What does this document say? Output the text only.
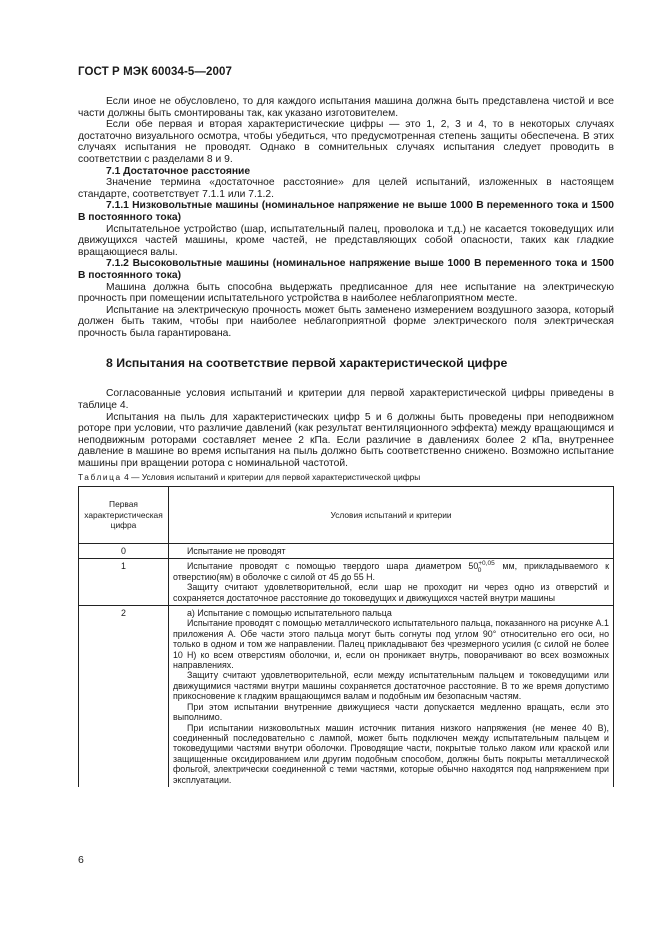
ГОСТ Р МЭК 60034-5—2007

Если иное не обусловлено, то для каждого испытания машина должна быть представлена чистой и все части должны быть смонтированы так, как указано изготовителем.

Если обе первая и вторая характеристические цифры — это 1, 2, 3 и 4, то в некоторых случаях достаточно визуального осмотра, чтобы убедиться, что предусмотренная степень защиты обеспечена. В этих случаях испытания не проводят. Однако в сомнительных случаях испытания следует проводить в соответствии с разделами 8 и 9.

7.1 Достаточное расстояние

Значение термина «достаточное расстояние» для целей испытаний, изложенных в настоящем стандарте, соответствует 7.1.1 или 7.1.2.

7.1.1 Низковольтные машины (номинальное напряжение не выше 1000 В переменного тока и 1500 В постоянного тока)

Испытательное устройство (шар, испытательный палец, проволока и т.д.) не касается токоведущих или движущихся частей машины, кроме частей, не представляющих собой опасности, таких как гладкие вращающиеся валы.

7.1.2 Высоковольтные машины (номинальное напряжение выше 1000 В переменного тока и 1500 В постоянного тока)

Машина должна быть способна выдержать предписанное для нее испытание на электрическую прочность при помещении испытательного устройства в наиболее неблагоприятном месте.

Испытание на электрическую прочность может быть заменено измерением воздушного зазора, который должен быть таким, чтобы при наиболее неблагоприятной форме электрического поля электрическая прочность была гарантирована.

8 Испытания на соответствие первой характеристической цифре

Согласованные условия испытаний и критерии для первой характеристической цифры приведены в таблице 4.

Испытания на пыль для характеристических цифр 5 и 6 должны быть проведены при неподвижном роторе при условии, что различие давлений (как результат вентиляционного эффекта) между вращающимся и неподвижным роторами составляет менее 2 кПа. Если различие в давлениях более 2 кПа, внутреннее давление в машине во время испытания на пыль должно быть соответственно снижено. Возможно испытание машины при вращении ротора с номинальной частотой.

Таблица 4 — Условия испытаний и критерии для первой характеристической цифры
Первая характеристическая цифра	Условия испытаний и критерии
0	Испытание не проводят

1	Испытание проводят с помощью твердого шара диаметром $50^{+0,05}_0$ мм, прикладываемого к отверстию(ям) в оболочке с силой от 45 до 55 Н.

Защиту считают удовлетворительной, если шар не проходит ни через одно из отверстий и сохраняется достаточное расстояние до токоведущих и движущихся частей внутри машины

2	а) Испытание с помощью испытательного пальца

Испытание проводят с помощью металлического испытательного пальца, показанного на рисунке А.1 приложения А. Обе части этого пальца могут быть согнуты под углом 90° относительно его оси, но только в одном и том же направлении. Палец прикладывают без чрезмерного усилия (с силой не более 10 Н) ко всем отверстиям оболочки, и, если он проникает внутрь, поворачивают во всех возможных направлениях.

Защиту считают удовлетворительной, если между испытательным пальцем и токоведущими или движущимися частями внутри машины сохраняется достаточное расстояние. В то же время допустимо прикосновение к гладким вращающимся валам и подобным им безопасным частям.

При этом испытании внутренние движущиеся части допускается медленно вращать, если это выполнимо.

При испытании низковольтных машин источник питания низкого напряжения (не менее 40 В), соединенный последовательно с лампой, может быть подключен между испытательным пальцем и токоведущими частями внутри оболочки. Проводящие части, покрытые только лаком или краской или защищенные оксидированием или другим подобным способом, должны быть покрыты металлической фольгой, электрически соединенной с теми частями, которые обычно находятся под напряжением при эксплуатации.

6
